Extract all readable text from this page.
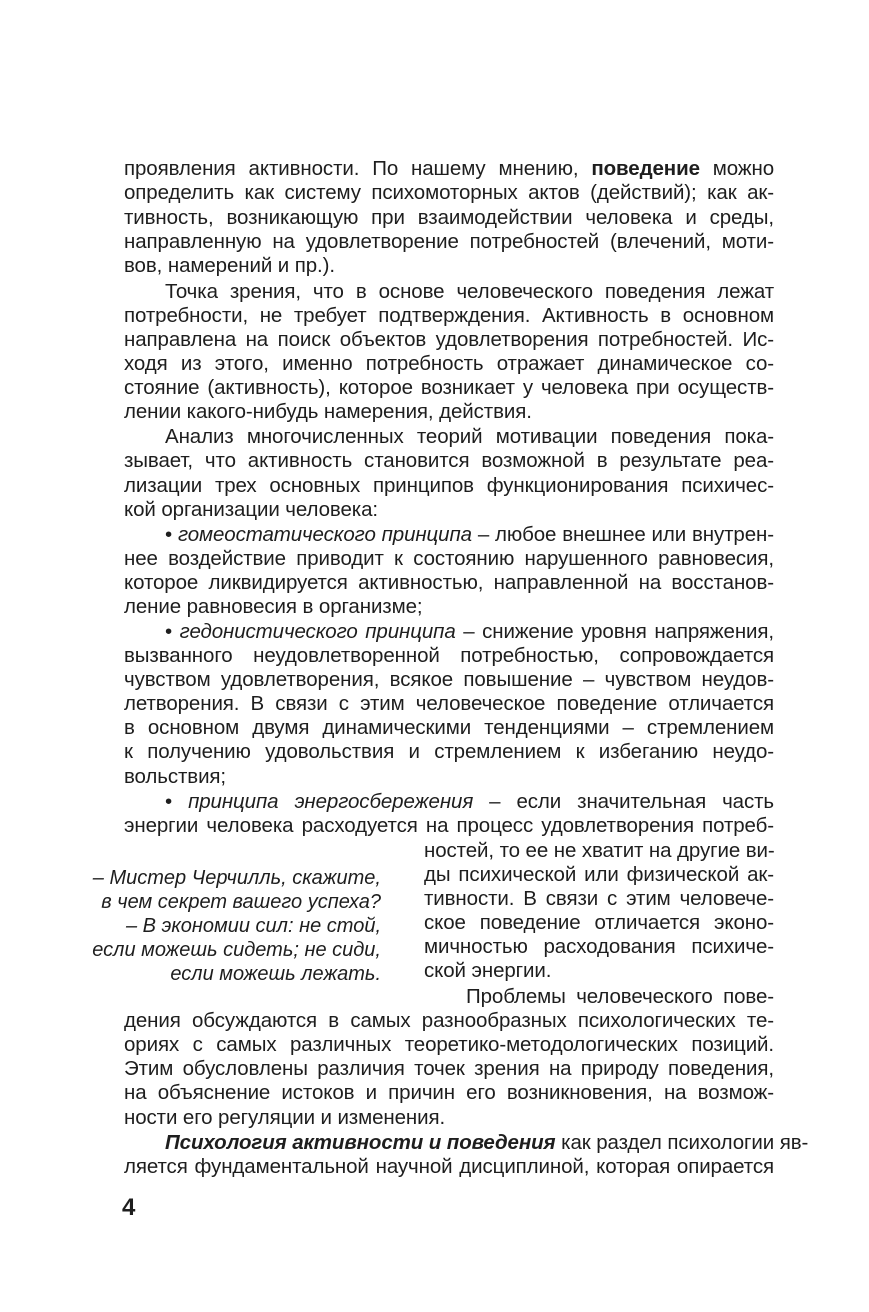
проявления активности. По нашему мнению, поведение можно
определить как систему психомоторных актов (действий); как ак-
тивность, возникающую при взаимодействии человека и среды,
направленную на удовлетворение потребностей (влечений, моти-
вов, намерений и пр.).
Точка зрения, что в основе человеческого поведения лежат
потребности, не требует подтверждения. Активность в основном
направлена на поиск объектов удовлетворения потребностей. Ис-
ходя из этого, именно потребность отражает динамическое со-
стояние (активность), которое возникает у человека при осуществ-
лении какого-нибудь намерения, действия.
Анализ многочисленных теорий мотивации поведения пока-
зывает, что активность становится возможной в результате реа-
лизации трех основных принципов функционирования психичес-
кой организации человека:
• гомеостатического принципа – любое внешнее или внутрен-
нее воздействие приводит к состоянию нарушенного равновесия,
которое ликвидируется активностью, направленной на восстанов-
ление равновесия в организме;
• гедонистического принципа – снижение уровня напряжения,
вызванного неудовлетворенной потребностью, сопровождается
чувством удовлетворения, всякое повышение – чувством неудов-
летворения. В связи с этим человеческое поведение отличается
в основном двумя динамическими тенденциями – стремлением
к получению удовольствия и стремлением к избеганию неудо-
вольствия;
• принципа энергосбережения – если значительная часть
энергии человека расходуется на процесс удовлетворения потреб-
ностей, то ее не хватит на другие ви-
ды психической или физической ак-
тивности. В связи с этим человече-
ское поведение отличается эконо-
мичностью расходования психиче-
ской энергии.
Проблемы человеческого пове-
дения обсуждаются в самых разнообразных психологических те-
ориях с самых различных теоретико-методологических позиций.
Этим обусловлены различия точек зрения на природу поведения,
на объяснение истоков и причин его возникновения, на возмож-
ности его регуляции и изменения.
Психология активности и поведения как раздел психологии яв-
ляется фундаментальной научной дисциплиной, которая опирается
– Мистер Черчилль, скажите,
в чем секрет вашего успеха?
– В экономии сил: не стой,
если можешь сидеть; не сиди,
если можешь лежать.
4
